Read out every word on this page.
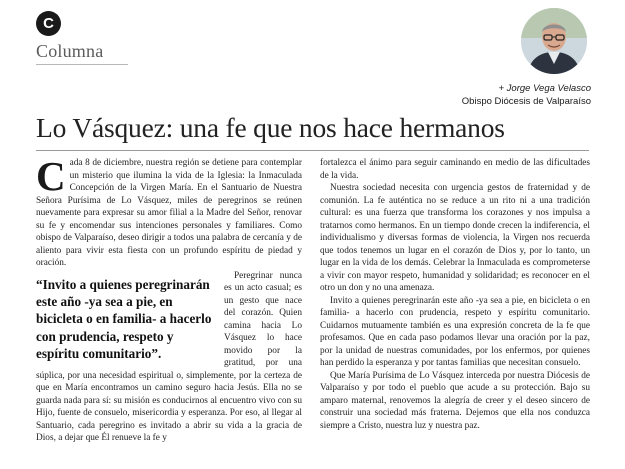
C
Columna
+ Jorge Vega Velasco
Obispo Diócesis de Valparaíso
Lo Vásquez: una fe que nos hace hermanos
C ada 8 de diciembre, nuestra región se detiene para contemplar un misterio que ilumina la vida de la Iglesia: la Inmaculada Concepción de la Virgen María. En el Santuario de Nuestra Señora Purísima de Lo Vásquez, miles de peregrinos se reúnen nuevamente para expresar su amor filial a la Madre del Señor, renovar su fe y encomendar sus intenciones personales y familiares. Como obispo de Valparaíso, deseo dirigir a todos una palabra de cercanía y de aliento para vivir esta fiesta con un profundo espíritu de piedad y oración.

“Invito a quienes peregrinarán este año -ya sea a pie, en bicicleta o en familia- a hacerlo con prudencia, respeto y espíritu comunitario”.

Peregrinar nunca es un acto casual; es un gesto que nace del corazón. Quien camina hacia Lo Vásquez lo hace movido por la gratitud, por una súplica, por una necesidad espiritual o, simplemente, por la certeza de que en María encontramos un camino seguro hacia Jesús. Ella no se guarda nada para sí: su misión es conducirnos al encuentro vivo con su Hijo, fuente de consuelo, misericordia y esperanza. Por eso, al llegar al Santuario, cada peregrino es invitado a abrir su vida a la gracia de Dios, a dejar que Él renueve la fe y

fortalezca el ánimo para seguir caminando en medio de las dificultades de la vida.

Nuestra sociedad necesita con urgencia gestos de fraternidad y de comunión. La fe auténtica no se reduce a un rito ni a una tradición cultural: es una fuerza que transforma los corazones y nos impulsa a tratarnos como hermanos. En un tiempo donde crecen la indiferencia, el individualismo y diversas formas de violencia, la Virgen nos recuerda que todos tenemos un lugar en el corazón de Dios y, por lo tanto, un lugar en la vida de los demás. Celebrar la Inmaculada es comprometerse a vivir con mayor respeto, humanidad y solidaridad; es reconocer en el otro un don y no una amenaza.

Invito a quienes peregrinarán este año -ya sea a pie, en bicicleta o en familia- a hacerlo con prudencia, respeto y espíritu comunitario. Cuidarnos mutuamente también es una expresión concreta de la fe que profesamos. Que en cada paso podamos llevar una oración por la paz, por la unidad de nuestras comunidades, por los enfermos, por quienes han perdido la esperanza y por tantas familias que necesitan consuelo.

Que María Purísima de Lo Vásquez interceda por nuestra Diócesis de Valparaíso y por todo el pueblo que acude a su protección. Bajo su amparo maternal, renovemos la alegría de creer y el deseo sincero de construir una sociedad más fraterna. Dejemos que ella nos conduzca siempre a Cristo, nuestra luz y nuestra paz.
